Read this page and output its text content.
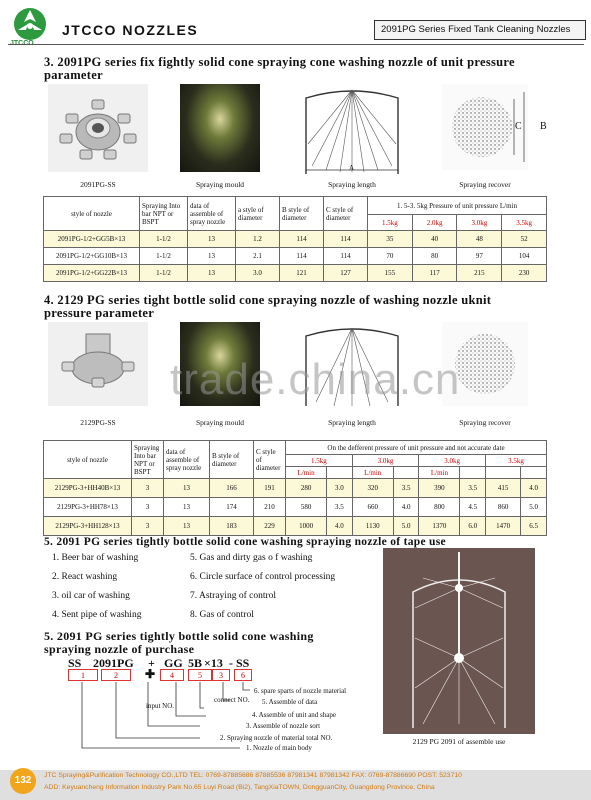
JTCCO NOZZLES	2091PG Series Fixed Tank Cleaning Nozzles
3. 2091PG series fix fightly solid cone spraying cone washing nozzle of unit pressure
parameter
A
C B
2091PG-SS	Spraying mould	Spraying length	Spraying recover
style of nozzle	Spraying Into bar NPT or BSPT	data of assemble of spray nozzle	a style of diameter	B style of diameter	C style of diameter	1. 5-3. 5kg Pressure of unit pressure L/min			
						1.5kg	2.0kg	3.0kg	3.5kg
2091PG-1/2+GG5B×13	1-1/2	13	1.2	114	114	35	40	48	52
2091PG-1/2+GG10B×13	1-1/2	13	2.1	114	114	70	80	97	104
2091PG-1/2+GG22B×13	1-1/2	13	3.0	121	127	155	117	215	230
4. 2129 PG series tight bottle solid cone spraying nozzle of washing nozzle uknit
pressure parameter
2129PG-SS	Spraying mould	Spraying length	Spraying recover
style of nozzle	Spraying Into bar NPT or BSPT	data of assemble of spray nozzle	B style of diameter	C style of diameter	On the defferent pressure of unit pressure and not accurate date							
					1.5kg		3.0kg		3.0kg		3.5kg	
					L/min		L/min		L/min			
2129PG-3+HH40B×13	3	13	166	191	280	3.0	320	3.5	390	3.5	415	4.0
2129PG-3+HH78×13	3	13	174	210	580	3.5	660	4.0	800	4.5	860	5.0
2129PG-3+HH128×13	3	13	183	229	1000	4.0	1130	5.0	1370	6.0	1470	6.5
trade.china.cn
5. 2091 PG series tightly bottle solid cone washing spraying nozzle of tape use
1. Beer bar of washing
2. React washing
3. oil car of washing
4. Sent pipe of washing
5. Gas and dirty gas o f washing
6. Circle surface of control processing
7. Astraying of control
8. Gas of control
2129 PG 2091 of assemble use
5. 2091 PG series tightly bottle solid cone washing
spraying nozzle of purchase
SS 2091PG + GG 5B ×13 - SS
1	2	✚	4	5	3	6
6. spare sparts of nozzle material
connect NO. 5. Assemble of data
input NO.
4. Assemble of unit and shape
3. Assemble of nozzle sort
2. Spraying nozzle of material total NO.
1. Nozzle of main body
132	JTC Spraying&Purification Technology CO.,LTD TEL: 0769-87885686 87885536 87981341 87981342 FAX: 0769-87886690 POST: 523710
ADD: Keyuancheng Information Industry Park No.65 Luyi Road (Bi2), TangXiaTOWN, DongguanCity, Guangdong Province, China
